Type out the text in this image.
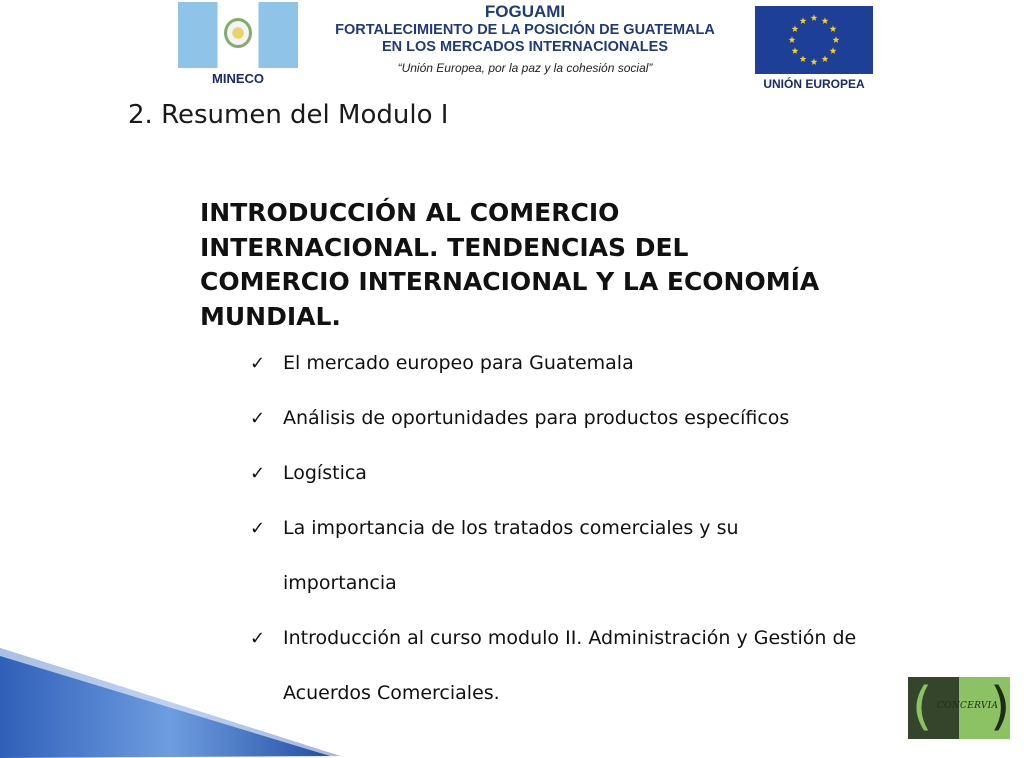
MINECO
FOGUAMI
FORTALECIMIENTO DE LA POSICIÓN DE GUATEMALA
EN LOS MERCADOS INTERNACIONALES
“Unión Europea, por la paz y la cohesión social”
UNIÓN EUROPEA
2. Resumen del Modulo I
INTRODUCCIÓN AL COMERCIO INTERNACIONAL. TENDENCIAS DEL COMERCIO INTERNACIONAL Y LA ECONOMÍA MUNDIAL.
✓ El mercado europeo para Guatemala
✓ Análisis de oportunidades para productos específicos
✓ Logística
✓ La importancia de los tratados comerciales y su importancia
✓ Introducción al curso modulo II. Administración y Gestión de Acuerdos Comerciales.	( CONCERVIA
)
